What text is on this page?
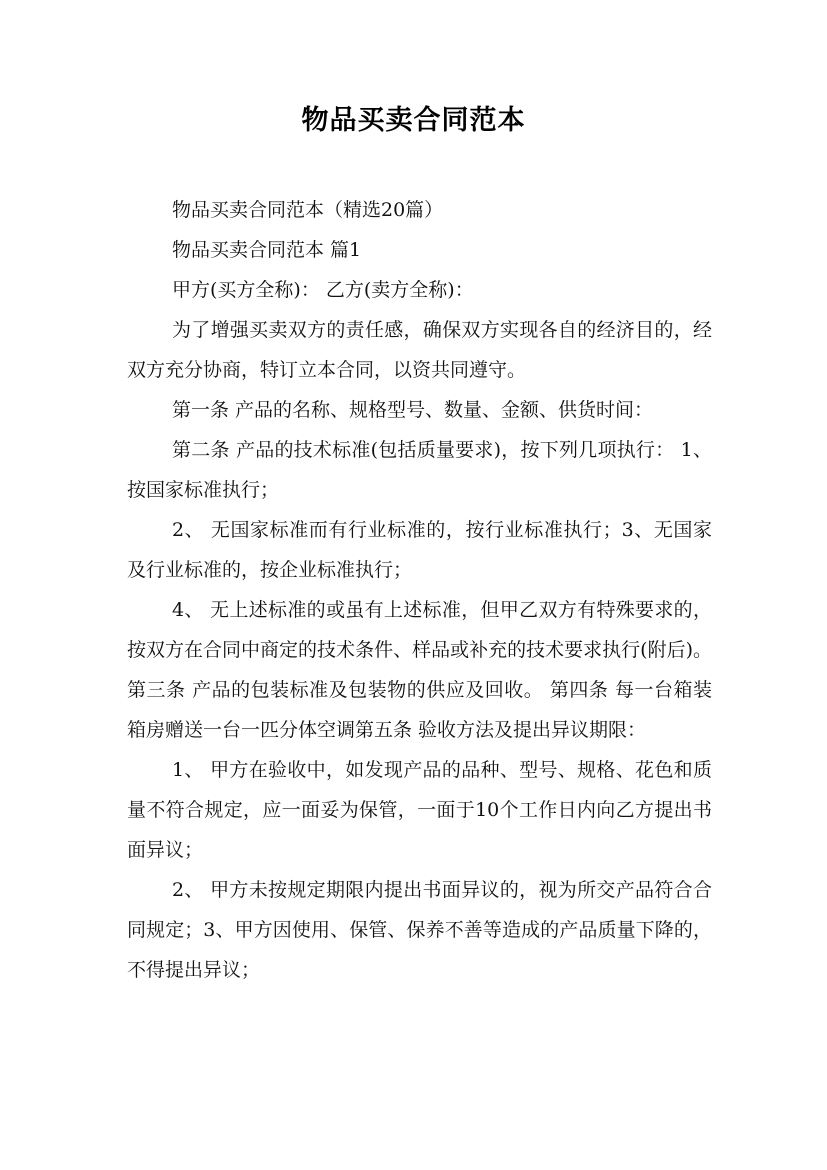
物品买卖合同范本

物品买卖合同范本（精选20篇）

物品买卖合同范本 篇1

甲方(买方全称)： 乙方(卖方全称)：

为了增强买卖双方的责任感，确保双方实现各自的经济目的，经双方充分协商，特订立本合同，以资共同遵守。

第一条 产品的名称、规格型号、数量、金额、供货时间：

第二条 产品的技术标准(包括质量要求)，按下列几项执行： 1、 按国家标准执行；

2、 无国家标准而有行业标准的，按行业标准执行；3、无国家及行业标准的，按企业标准执行；

4、 无上述标准的或虽有上述标准，但甲乙双方有特殊要求的，按双方在合同中商定的技术条件、样品或补充的技术要求执行(附后)。 第三条 产品的包装标准及包装物的供应及回收。 第四条 每一台箱装箱房赠送一台一匹分体空调第五条 验收方法及提出异议期限：

1、 甲方在验收中，如发现产品的品种、型号、规格、花色和质量不符合规定，应一面妥为保管，一面于10个工作日内向乙方提出书面异议；

2、 甲方未按规定期限内提出书面异议的，视为所交产品符合合同规定；3、甲方因使用、保管、保养不善等造成的产品质量下降的，不得提出异议；
